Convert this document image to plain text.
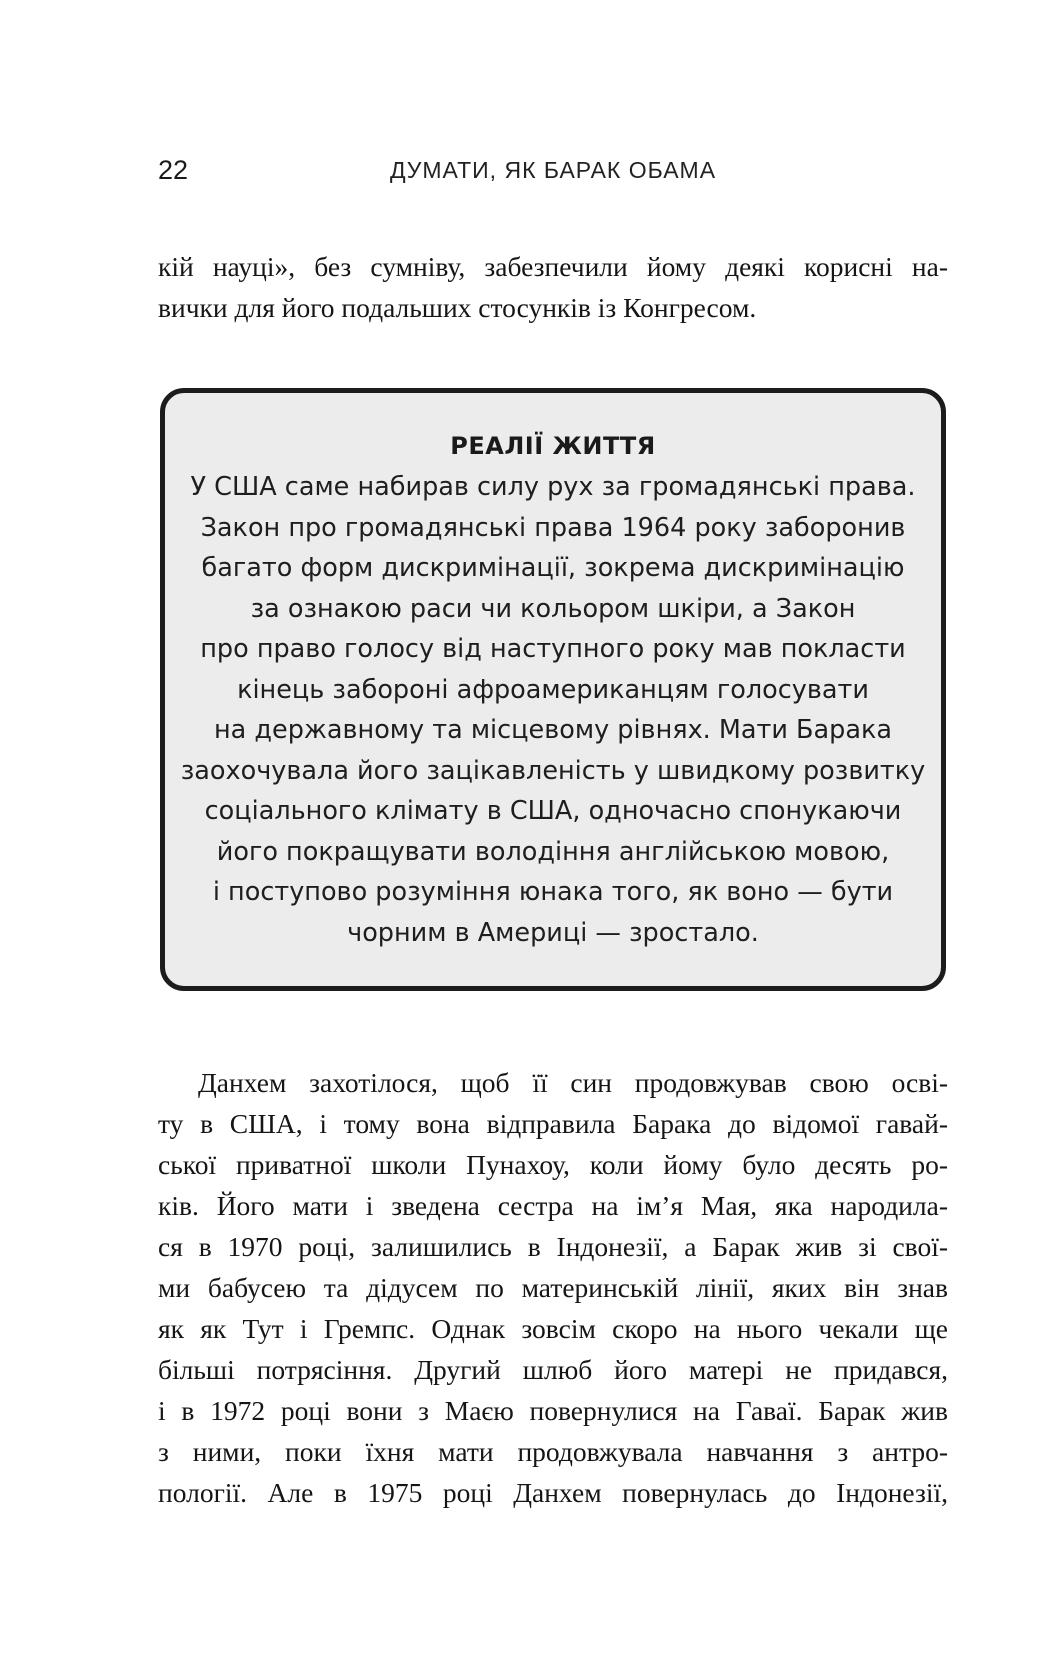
22	ДУМАТИ, ЯК БАРАК ОБАМА
кій науці», без сумніву, забезпечили йому деякі корисні на-
вички для його подальших стосунків із Конгресом.
РЕАЛІЇ ЖИТТЯ
У США саме набирав силу рух за громадянські права.
Закон про громадянські права 1964 року заборонив
багато форм дискримінації, зокрема дискримінацію
за ознакою раси чи кольором шкіри, а Закон
про право голосу від наступного року мав покласти
кінець забороні афроамериканцям голосувати
на державному та місцевому рівнях. Мати Барака
заохочувала його зацікавленість у швидкому розвитку
соціального клімату в США, одночасно спонукаючи
його покращувати володіння англійською мовою,
і поступово розуміння юнака того, як воно — бути
чорним в Америці — зростало.
Данхем захотілося, щоб її син продовжував свою осві-
ту в США, і тому вона відправила Барака до відомої гавай-
ської приватної школи Пунахоу, коли йому було десять ро-
ків. Його мати і зведена сестра на ім’я Мая, яка народила-
ся в 1970 році, залишились в Індонезії, а Барак жив зі свої-
ми бабусею та дідусем по материнській лінії, яких він знав
як як Тут і Гремпс. Однак зовсім скоро на нього чекали ще
більші потрясіння. Другий шлюб його матері не придався,
і в 1972 році вони з Маєю повернулися на Гаваї. Барак жив
з ними, поки їхня мати продовжувала навчання з антро-
пології. Але в 1975 році Данхем повернулась до Індонезії,
